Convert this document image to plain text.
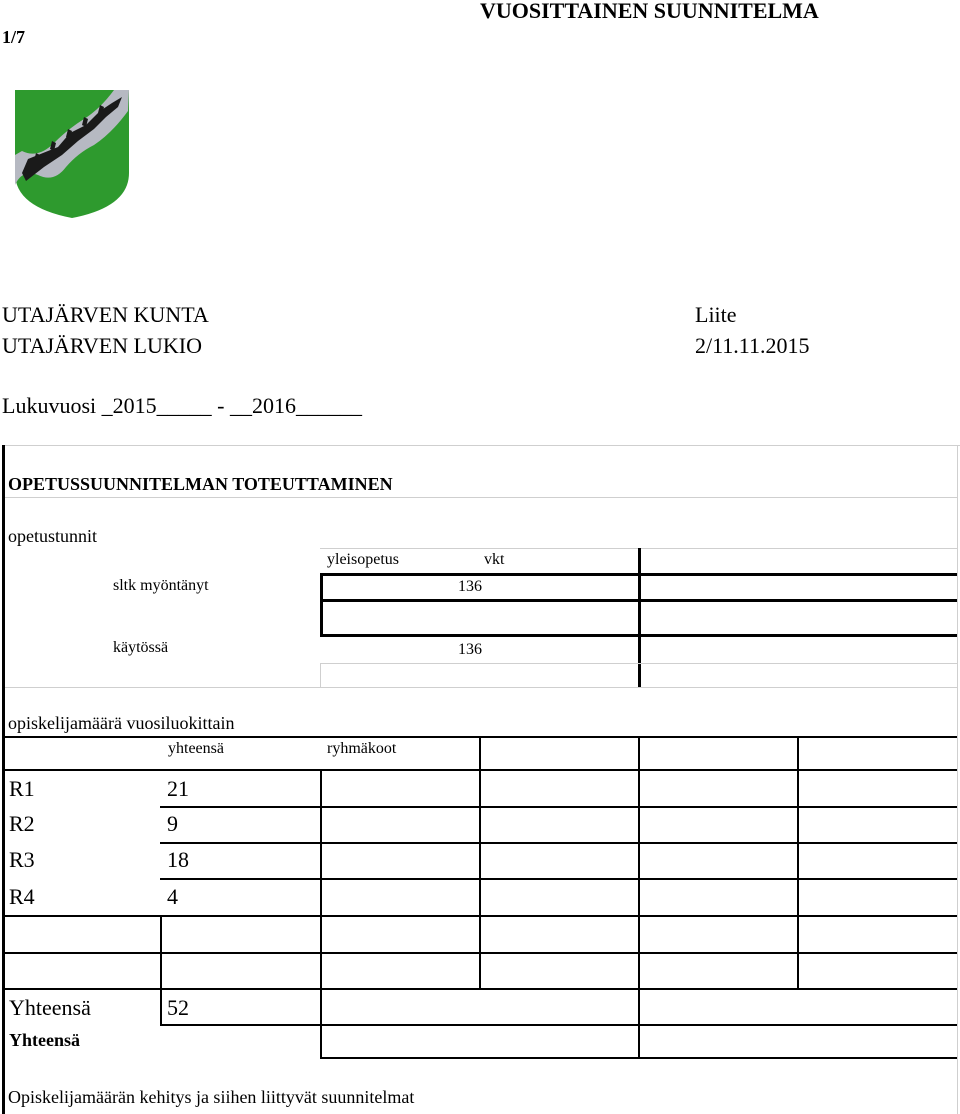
VUOSITTAINEN SUUNNITELMA
1/7
UTAJÄRVEN KUNTA
UTAJÄRVEN LUKIO
Liite
2/11.11.2015
Lukuvuosi _2015_____ - __2016______
OPETUSSUUNNITELMAN TOTEUTTAMINEN
opetustunnit
yleisopetus	vkt
sltk myöntänyt	136
käytössä	136
opiskelijamäärä vuosiluokittain
yhteensä	ryhmäkoot
R1	21
R2	9
R3	18
R4	4
Yhteensä	52
Yhteensä
Opiskelijamäärän kehitys ja siihen liittyvät suunnitelmat
